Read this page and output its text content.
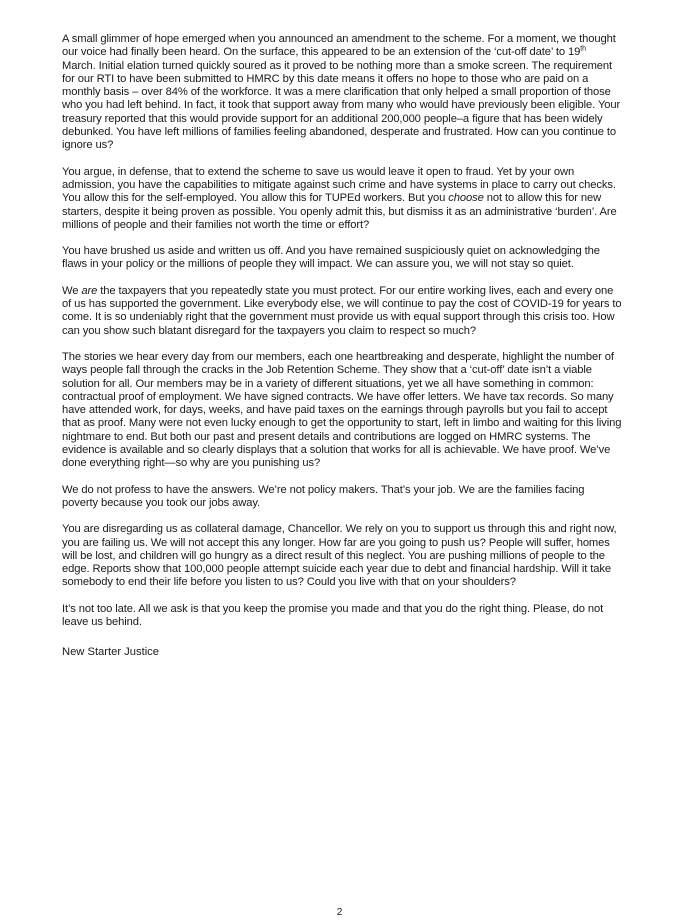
A small glimmer of hope emerged when you announced an amendment to the scheme. For a moment, we thought our voice had finally been heard. On the surface, this appeared to be an extension of the ‘cut-off date’ to 19th March. Initial elation turned quickly soured as it proved to be nothing more than a smoke screen. The requirement for our RTI to have been submitted to HMRC by this date means it offers no hope to those who are paid on a monthly basis – over 84% of the workforce. It was a mere clarification that only helped a small proportion of those who you had left behind. In fact, it took that support away from many who would have previously been eligible. Your treasury reported that this would provide support for an additional 200,000 people–a figure that has been widely debunked. You have left millions of families feeling abandoned, desperate and frustrated. How can you continue to ignore us?

You argue, in defense, that to extend the scheme to save us would leave it open to fraud. Yet by your own admission, you have the capabilities to mitigate against such crime and have systems in place to carry out checks. You allow this for the self-employed. You allow this for TUPEd workers. But you choose not to allow this for new starters, despite it being proven as possible. You openly admit this, but dismiss it as an administrative ‘burden’. Are millions of people and their families not worth the time or effort?

You have brushed us aside and written us off. And you have remained suspiciously quiet on acknowledging the flaws in your policy or the millions of people they will impact. We can assure you, we will not stay so quiet.

We are the taxpayers that you repeatedly state you must protect. For our entire working lives, each and every one of us has supported the government. Like everybody else, we will continue to pay the cost of COVID-19 for years to come. It is so undeniably right that the government must provide us with equal support through this crisis too. How can you show such blatant disregard for the taxpayers you claim to respect so much?

The stories we hear every day from our members, each one heartbreaking and desperate, highlight the number of ways people fall through the cracks in the Job Retention Scheme. They show that a ‘cut-off’ date isn’t a viable solution for all. Our members may be in a variety of different situations, yet we all have something in common: contractual proof of employment. We have signed contracts. We have offer letters. We have tax records. So many have attended work, for days, weeks, and have paid taxes on the earnings through payrolls but you fail to accept that as proof. Many were not even lucky enough to get the opportunity to start, left in limbo and waiting for this living nightmare to end. But both our past and present details and contributions are logged on HMRC systems. The evidence is available and so clearly displays that a solution that works for all is achievable. We have proof. We’ve done everything right—so why are you punishing us?

We do not profess to have the answers. We’re not policy makers. That’s your job. We are the families facing poverty because you took our jobs away.

You are disregarding us as collateral damage, Chancellor. We rely on you to support us through this and right now, you are failing us. We will not accept this any longer. How far are you going to push us? People will suffer, homes will be lost, and children will go hungry as a direct result of this neglect. You are pushing millions of people to the edge. Reports show that 100,000 people attempt suicide each year due to debt and financial hardship. Will it take somebody to end their life before you listen to us? Could you live with that on your shoulders?

It’s not too late. All we ask is that you keep the promise you made and that you do the right thing. Please, do not leave us behind.

New Starter Justice
2
